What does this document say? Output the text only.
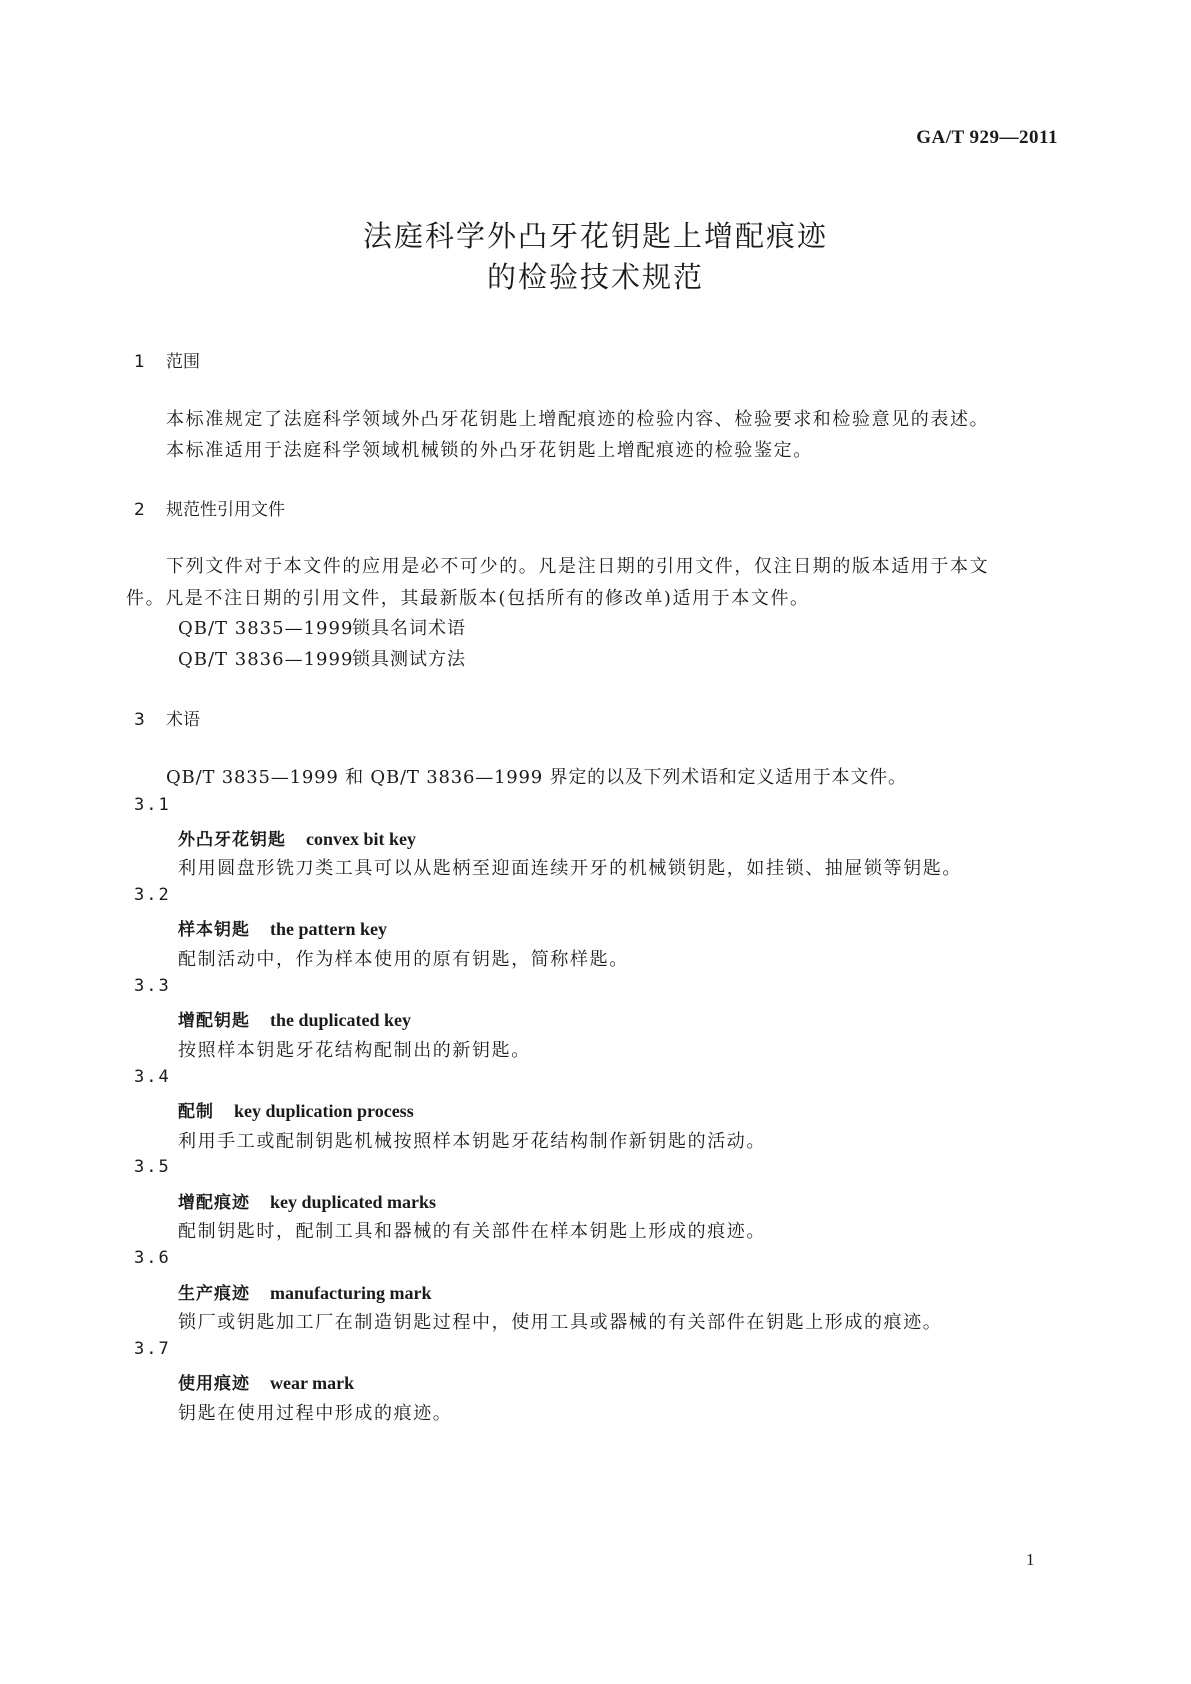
GA/T 929—2011
法庭科学外凸牙花钥匙上增配痕迹
的检验技术规范
1 范围
本标准规定了法庭科学领域外凸牙花钥匙上增配痕迹的检验内容、检验要求和检验意见的表述。
本标准适用于法庭科学领域机械锁的外凸牙花钥匙上增配痕迹的检验鉴定。
2 规范性引用文件
下列文件对于本文件的应用是必不可少的。凡是注日期的引用文件，仅注日期的版本适用于本文
件。凡是不注日期的引用文件，其最新版本(包括所有的修改单)适用于本文件。
QB/T 3835—1999锁具名词术语
QB/T 3836—1999锁具测试方法
3 术语
QB/T 3835—1999 和 QB/T 3836—1999 界定的以及下列术语和定义适用于本文件。
3.1
外凸牙花钥匙 convex bit key
利用圆盘形铣刀类工具可以从匙柄至迎面连续开牙的机械锁钥匙，如挂锁、抽屉锁等钥匙。
3.2
样本钥匙 the pattern key
配制活动中，作为样本使用的原有钥匙，简称样匙。
3.3
增配钥匙 the duplicated key
按照样本钥匙牙花结构配制出的新钥匙。
3.4
配制 key duplication process
利用手工或配制钥匙机械按照样本钥匙牙花结构制作新钥匙的活动。
3.5
增配痕迹 key duplicated marks
配制钥匙时，配制工具和器械的有关部件在样本钥匙上形成的痕迹。
3.6
生产痕迹 manufacturing mark
锁厂或钥匙加工厂在制造钥匙过程中，使用工具或器械的有关部件在钥匙上形成的痕迹。
3.7
使用痕迹 wear mark
钥匙在使用过程中形成的痕迹。
1
